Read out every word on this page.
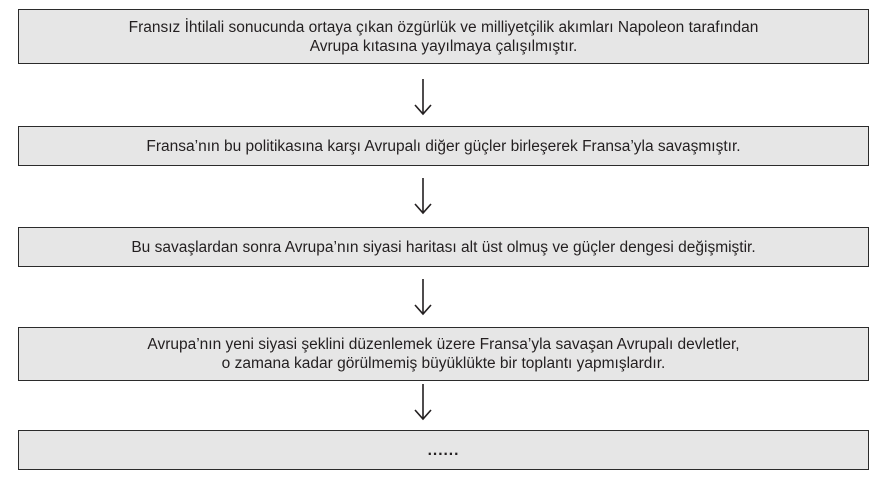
Fransız İhtilali sonucunda ortaya çıkan özgürlük ve milliyetçilik akımları Napoleon tarafından
Avrupa kıtasına yayılmaya çalışılmıştır.
Fransa’nın bu politikasına karşı Avrupalı diğer güçler birleşerek Fransa’yla savaşmıştır.
Bu savaşlardan sonra Avrupa’nın siyasi haritası alt üst olmuş ve güçler dengesi değişmiştir.
Avrupa’nın yeni siyasi şeklini düzenlemek üzere Fransa’yla savaşan Avrupalı devletler,
o zamana kadar görülmemiş büyüklükte bir toplantı yapmışlardır.
......
